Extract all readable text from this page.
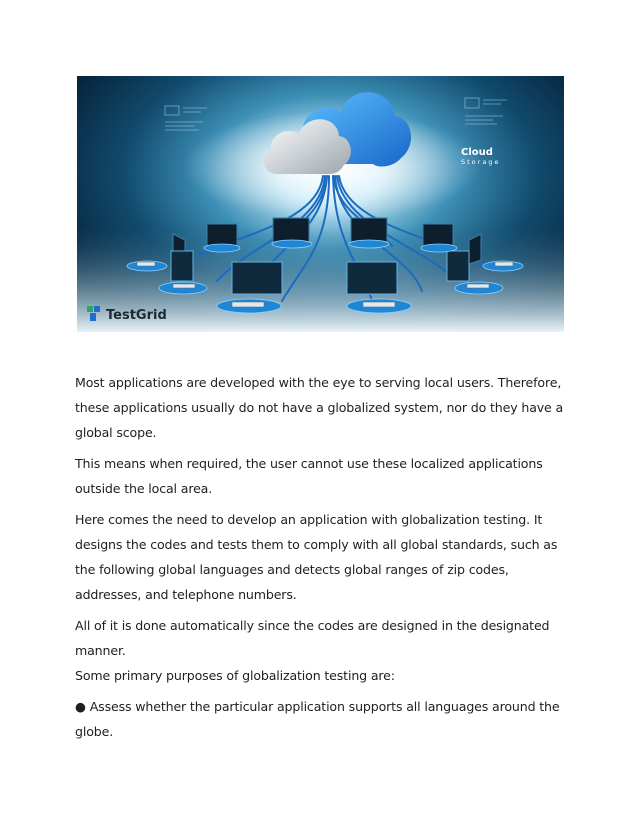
Cloud
Storage
TestGrid

Most applications are developed with the eye to serving local users. Therefore, these applications usually do not have a globalized system, nor do they have a global scope.

This means when required, the user cannot use these localized applications outside the local area.

Here comes the need to develop an application with globalization testing. It designs the codes and tests them to comply with all global standards, such as the following global languages and detects global ranges of zip codes, addresses, and telephone numbers.

All of it is done automatically since the codes are designed in the designated manner.

Some primary purposes of globalization testing are:

● Assess whether the particular application supports all languages around the globe.
